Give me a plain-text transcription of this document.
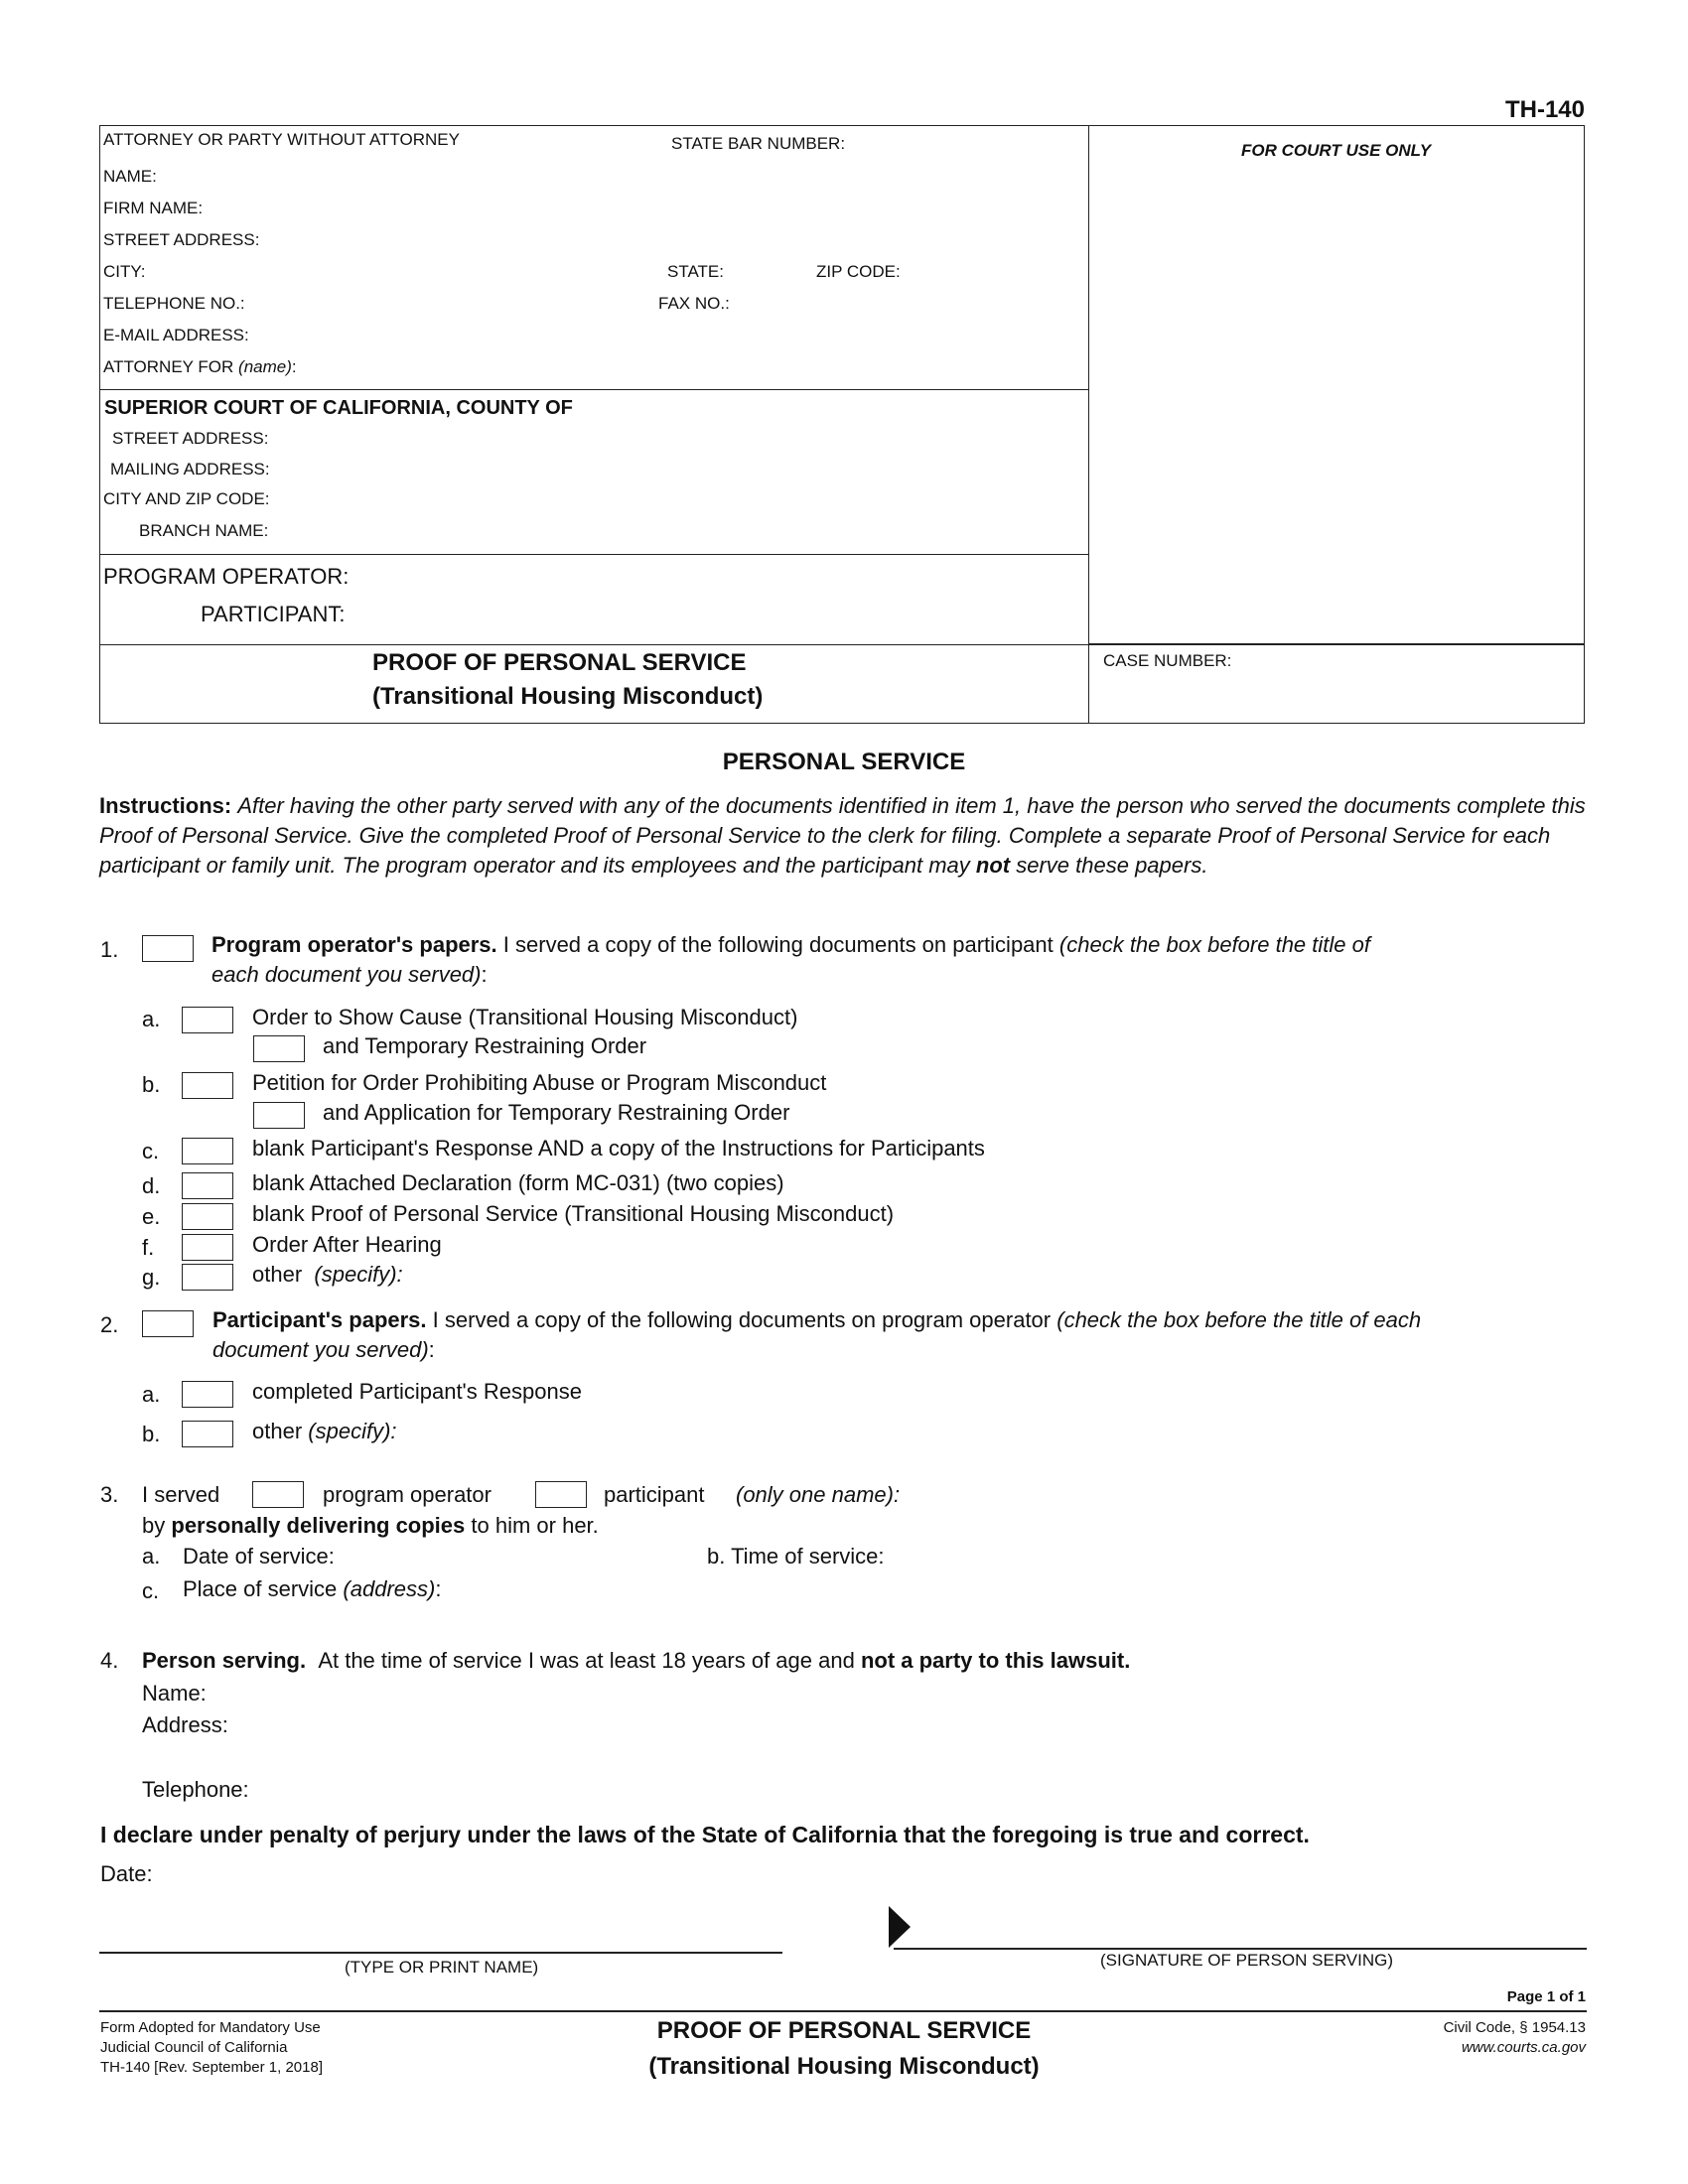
TH-140
ATTORNEY OR PARTY WITHOUT ATTORNEY	STATE BAR NUMBER:	FOR COURT USE ONLY
NAME:
FIRM NAME:
STREET ADDRESS:
CITY:	STATE:	ZIP CODE:
TELEPHONE NO.:	FAX NO.:
E-MAIL ADDRESS:
ATTORNEY FOR (name):
SUPERIOR COURT OF CALIFORNIA, COUNTY OF
STREET ADDRESS:
MAILING ADDRESS:
CITY AND ZIP CODE:
BRANCH NAME:
PROGRAM OPERATOR:
PARTICIPANT:
PROOF OF PERSONAL SERVICE
(Transitional Housing Misconduct)
CASE NUMBER:
PERSONAL SERVICE
Instructions: After having the other party served with any of the documents identified in item 1, have the person who served the documents complete this Proof of Personal Service. Give the completed Proof of Personal Service to the clerk for filing. Complete a separate Proof of Personal Service for each participant or family unit. The program operator and its employees and the participant may not serve these papers.
1.	Program operator's papers. I served a copy of the following documents on participant (check the box before the title of
each document you served):
a.	Order to Show Cause (Transitional Housing Misconduct)
and Temporary Restraining Order
b.	Petition for Order Prohibiting Abuse or Program Misconduct
and Application for Temporary Restraining Order
c.	blank Participant's Response AND a copy of the Instructions for Participants
d.	blank Attached Declaration (form MC-031) (two copies)
e.	blank Proof of Personal Service (Transitional Housing Misconduct)
f.	Order After Hearing
g.	other (specify):
2.	Participant's papers. I served a copy of the following documents on program operator (check the box before the title of each
document you served):
a.	completed Participant's Response
b.	other (specify):
3. I served	program operator	participant (only one name):
by personally delivering copies to him or her.
a. Date of service:	b. Time of service:
c. Place of service (address):
4. Person serving. At the time of service I was at least 18 years of age and not a party to this lawsuit.
Name:
Address:
Telephone:
I declare under penalty of perjury under the laws of the State of California that the foregoing is true and correct.
Date:
(TYPE OR PRINT NAME)	(SIGNATURE OF PERSON SERVING)
Page 1 of 1
Form Adopted for Mandatory Use
Judicial Council of California
TH-140 [Rev. September 1, 2018]
PROOF OF PERSONAL SERVICE
(Transitional Housing Misconduct)
Civil Code, § 1954.13
www.courts.ca.gov
